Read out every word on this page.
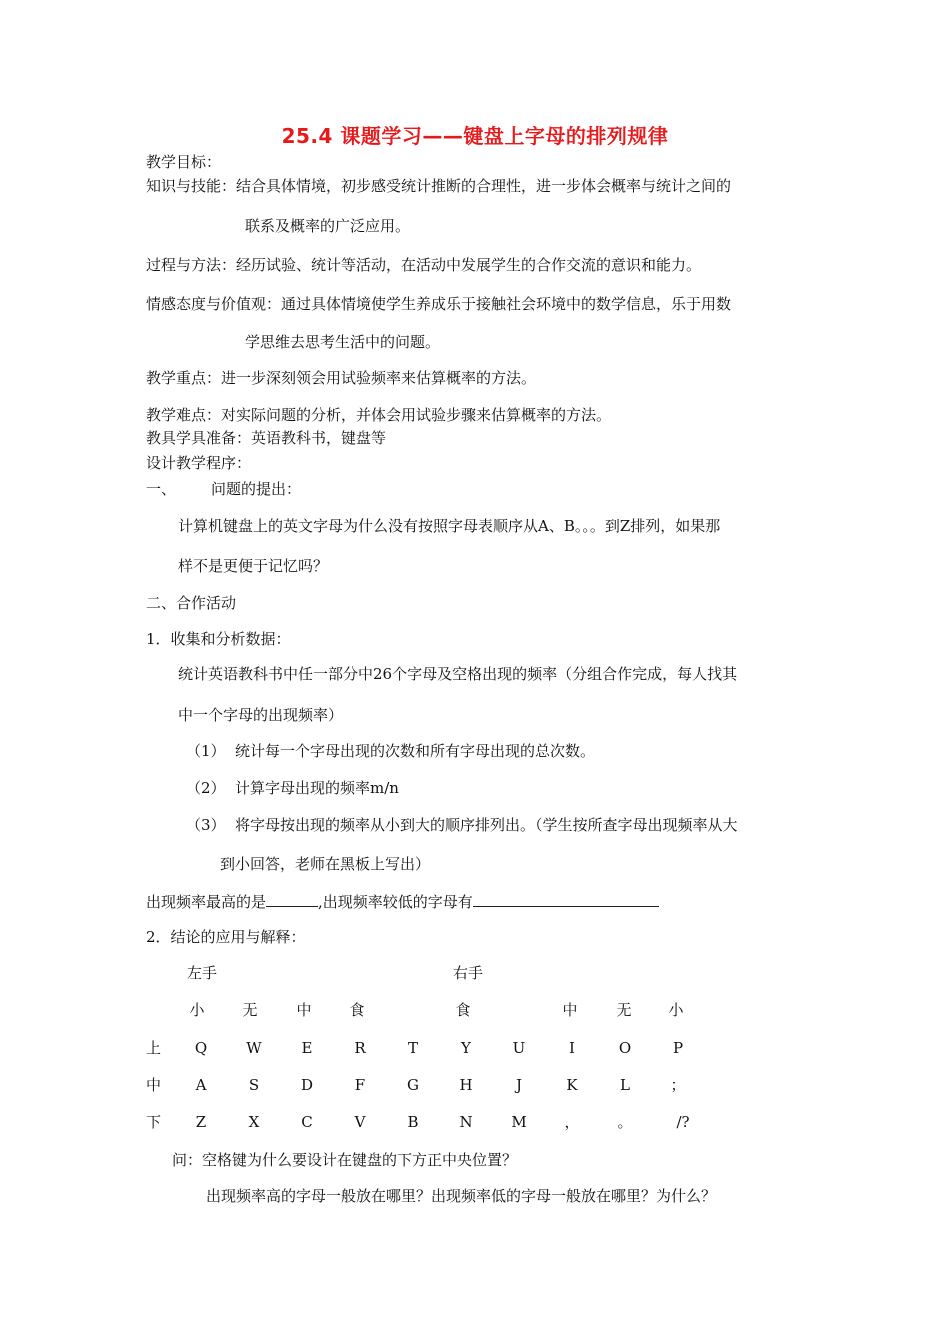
25.4 课题学习——键盘上字母的排列规律
教学目标：
知识与技能：结合具体情境，初步感受统计推断的合理性，进一步体会概率与统计之间的
联系及概率的广泛应用。
过程与方法：经历试验、统计等活动，在活动中发展学生的合作交流的意识和能力。
情感态度与价值观：通过具体情境使学生养成乐于接触社会环境中的数学信息，乐于用数
学思维去思考生活中的问题。
教学重点：进一步深刻领会用试验频率来估算概率的方法。
教学难点：对实际问题的分析，并体会用试验步骤来估算概率的方法。
教具学具准备：英语教科书，键盘等
设计教学程序：
一、 问题的提出：
计算机键盘上的英文字母为什么没有按照字母表顺序从A、B。。。到Z排列，如果那
样不是更便于记忆吗？
二、合作活动
1．收集和分析数据：
统计英语教科书中任一部分中26个字母及空格出现的频率（分组合作完成，每人找其
中一个字母的出现频率）
（1） 统计每一个字母出现的次数和所有字母出现的总次数。
（2） 计算字母出现的频率m/n
（3） 将字母按出现的频率从小到大的顺序排列出。（学生按所查字母出现频率从大
到小回答，老师在黑板上写出）
出现频率最高的是	,出现频率较低的字母有
2．结论的应用与解释：
左手	右手
小	无	中	食	食	中	无	小
上	Q	W	E	R	T	Y	U	I	O	P
中	A	S	D	F	G	H	J	K	L	；
下	Z	X	C	V	B	N	M	，	。	/?
问：空格键为什么要设计在键盘的下方正中央位置？
出现频率高的字母一般放在哪里？出现频率低的字母一般放在哪里？为什么？
